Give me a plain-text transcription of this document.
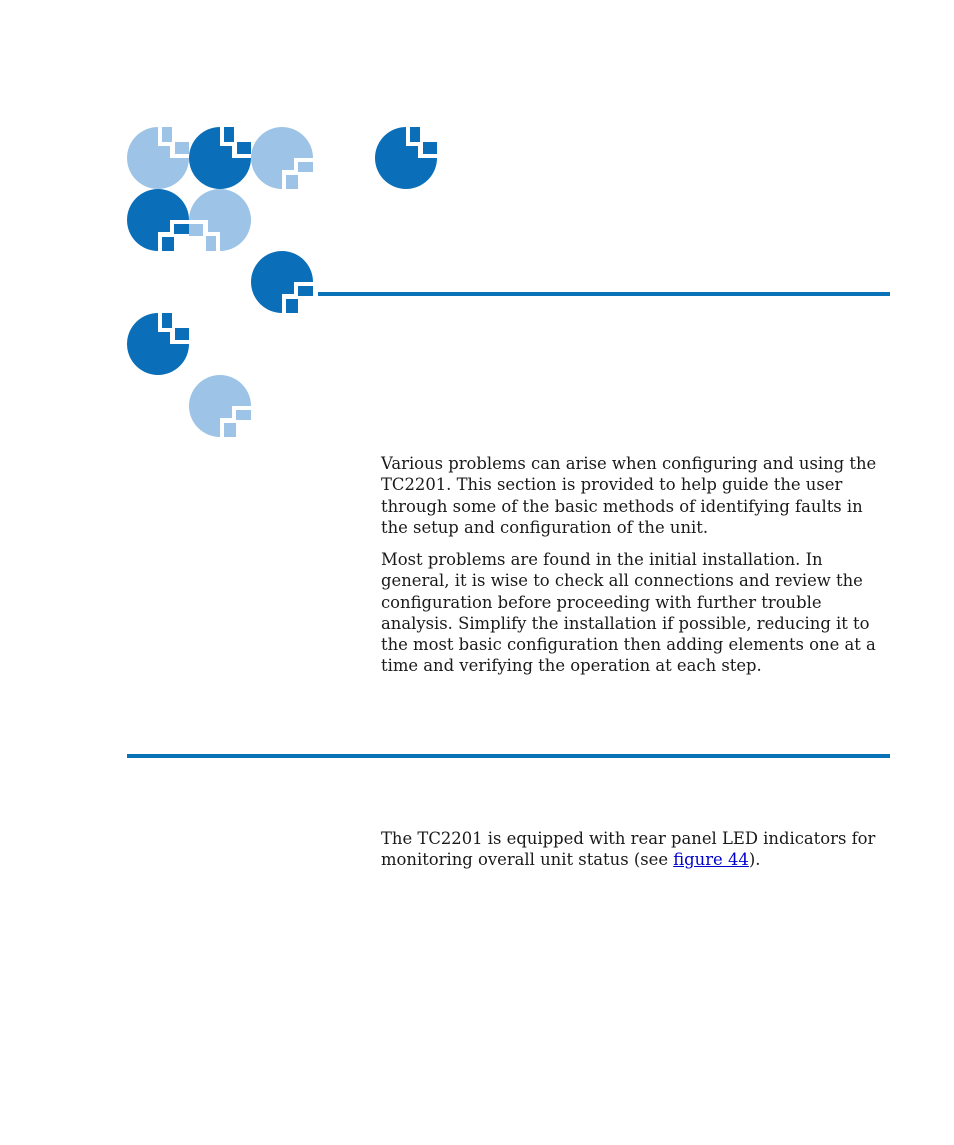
Various problems can arise when configuring and using the TC2201. This section is provided to help guide the user through some of the basic methods of identifying faults in the setup and configuration of the unit.

Most problems are found in the initial installation. In general, it is wise to check all connections and review the configuration before proceeding with further trouble analysis. Simplify the installation if possible, reducing it to the most basic configuration then adding elements one at a time and verifying the operation at each step.

The TC2201 is equipped with rear panel LED indicators for monitoring overall unit status (see figure 44).
